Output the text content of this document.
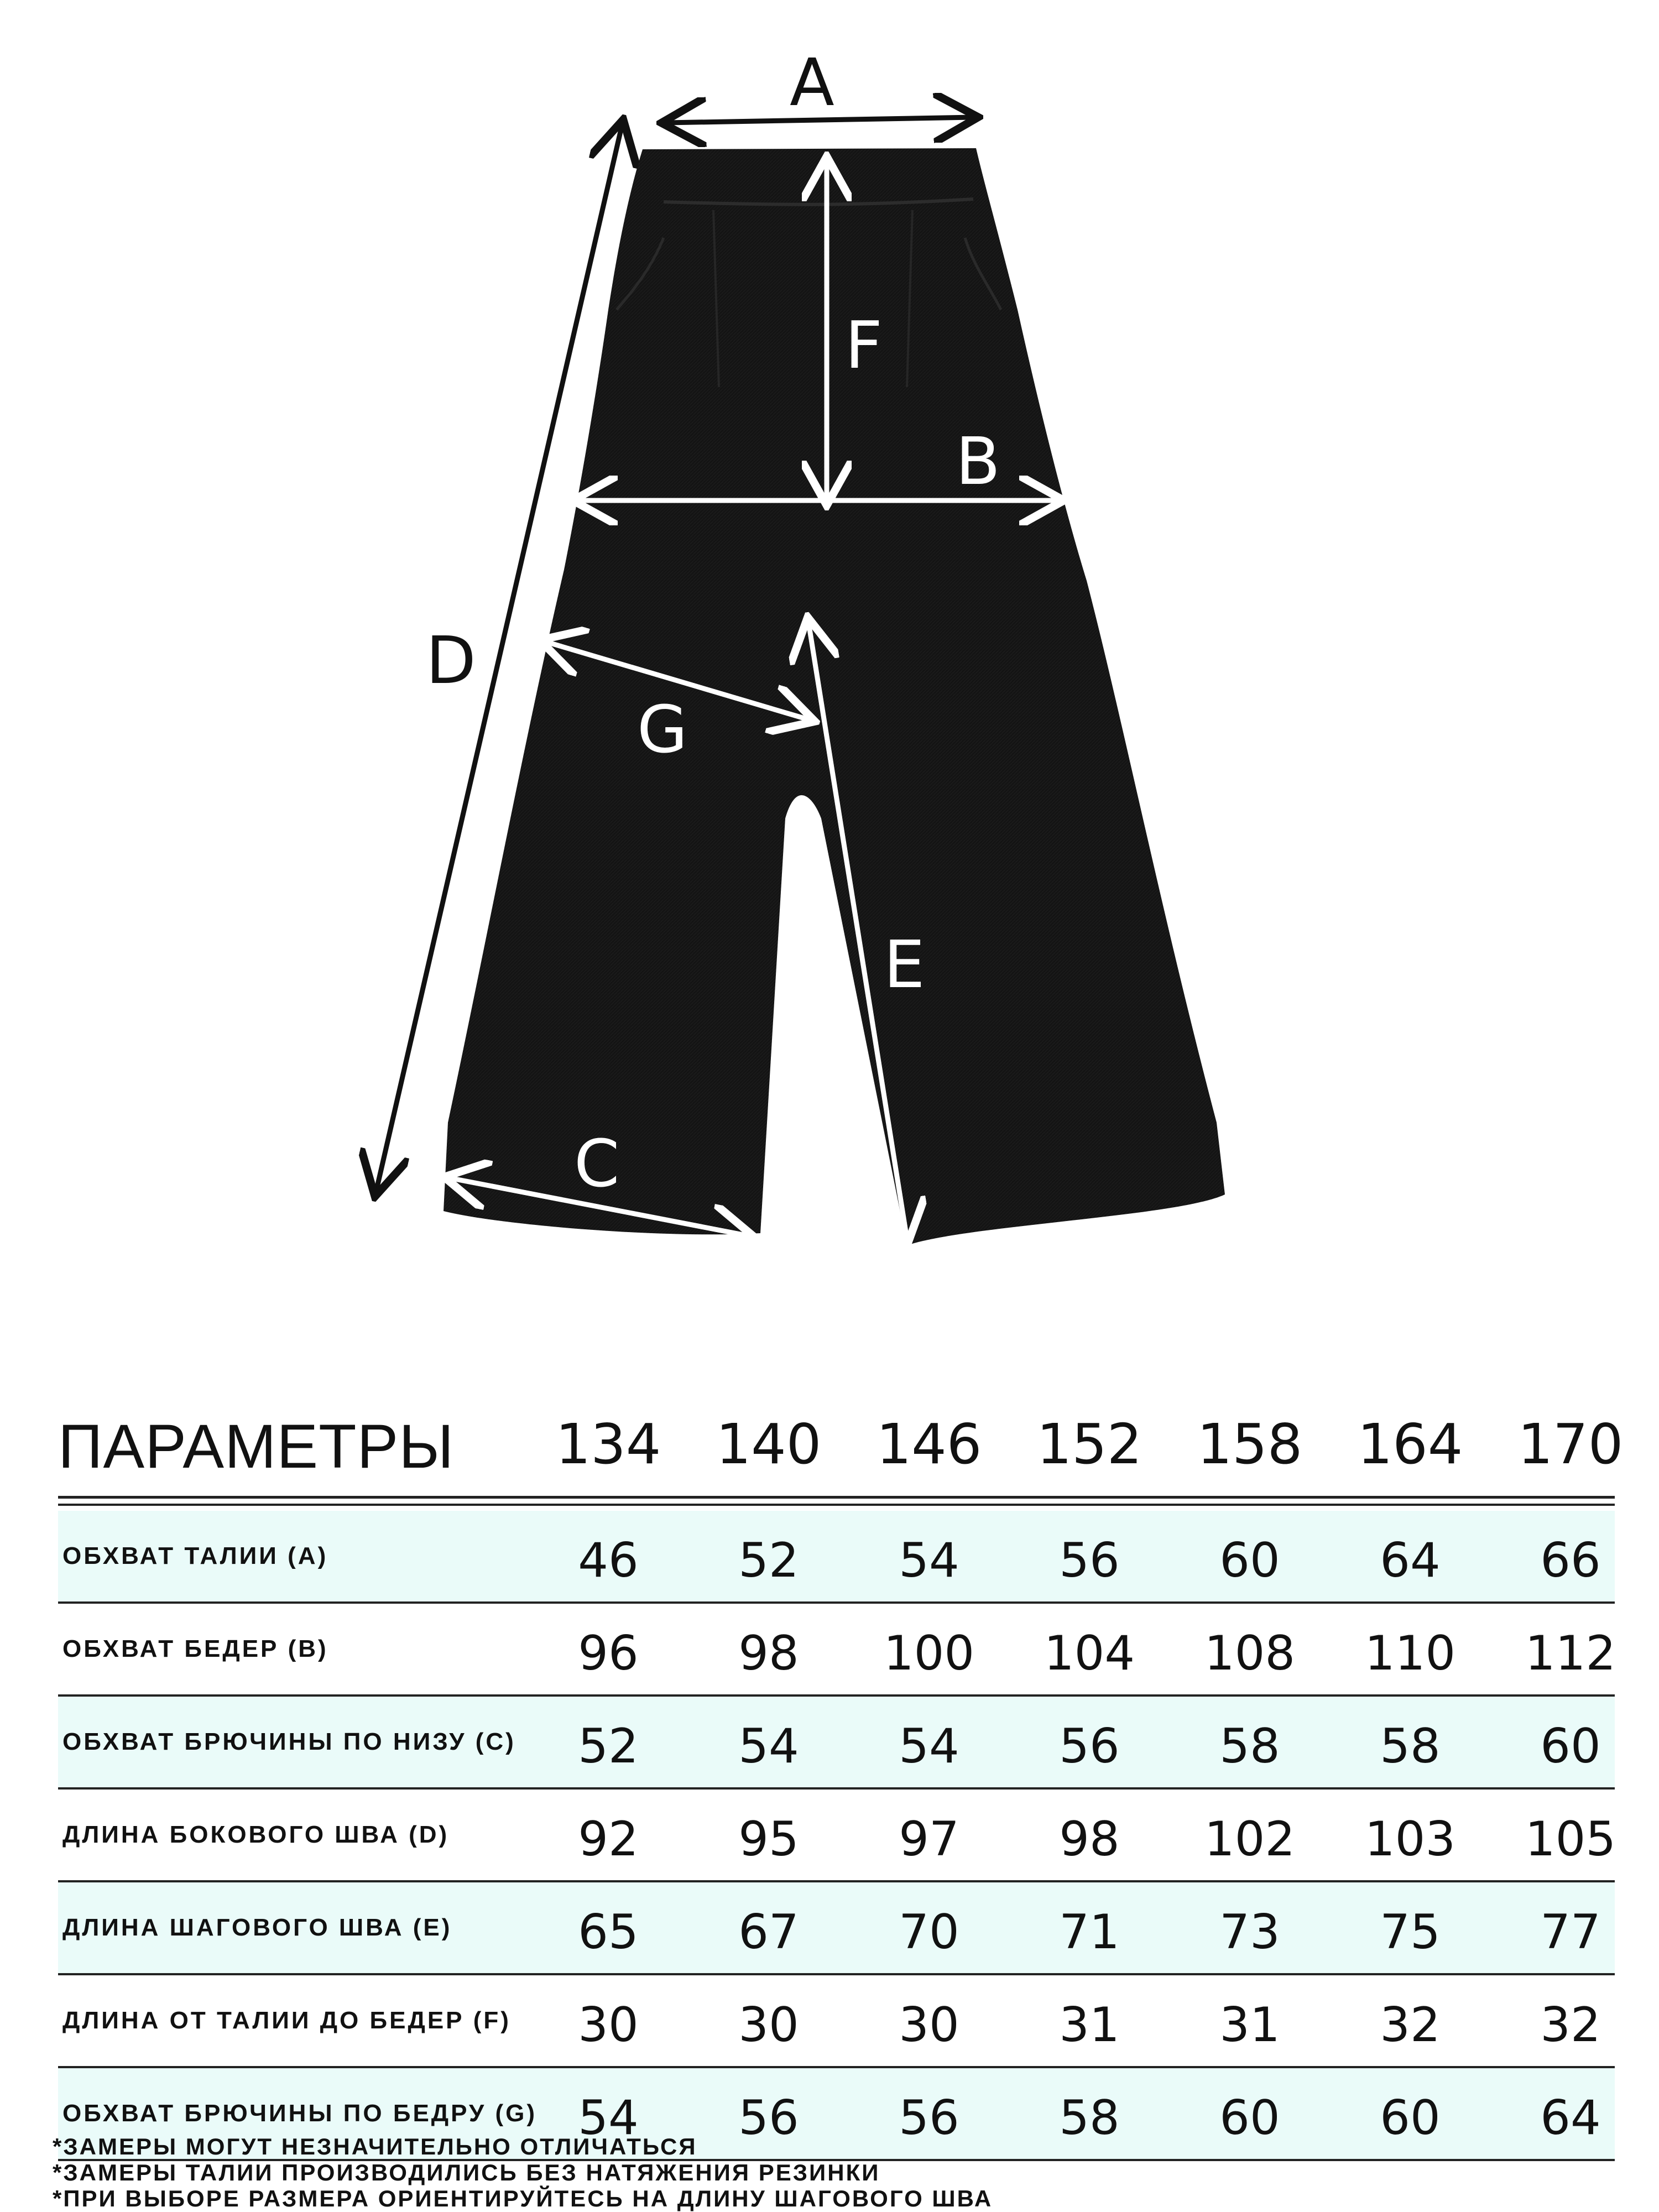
A
D
F
B
G
E
C
ПАРАМЕТРЫ 134 140 146 152 158 164 170
ОБХВАТ ТАЛИИ (А)	46	52	54	56	60	64	66
ОБХВАТ БЕДЕР (В)	96	98	100 104 108 110 112
ОБХВАТ БРЮЧИНЫ ПО НИЗУ (С)	52	54	54	56	58	58	60
ДЛИНА БОКОВОГО ШВА (D)	92	95	97	98	102 103 105
ДЛИНА ШАГОВОГО ШВА (Е)	65	67	70	71	73	75	77
ДЛИНА ОТ ТАЛИИ ДО БЕДЕР (F)	30	30	30	31	31	32	32
ОБХВАТ БРЮЧИНЫ ПО БЕДРУ (G) 54	56	56	58	60	60	64
*ЗАМЕРЫ МОГУТ НЕЗНАЧИТЕЛЬНО ОТЛИЧАТЬСЯ
*ЗАМЕРЫ ТАЛИИ ПРОИЗВОДИЛИСЬ БЕЗ НАТЯЖЕНИЯ РЕЗИНКИ
*ПРИ ВЫБОРЕ РАЗМЕРА ОРИЕНТИРУЙТЕСЬ НА ДЛИНУ ШАГОВОГО ШВА
